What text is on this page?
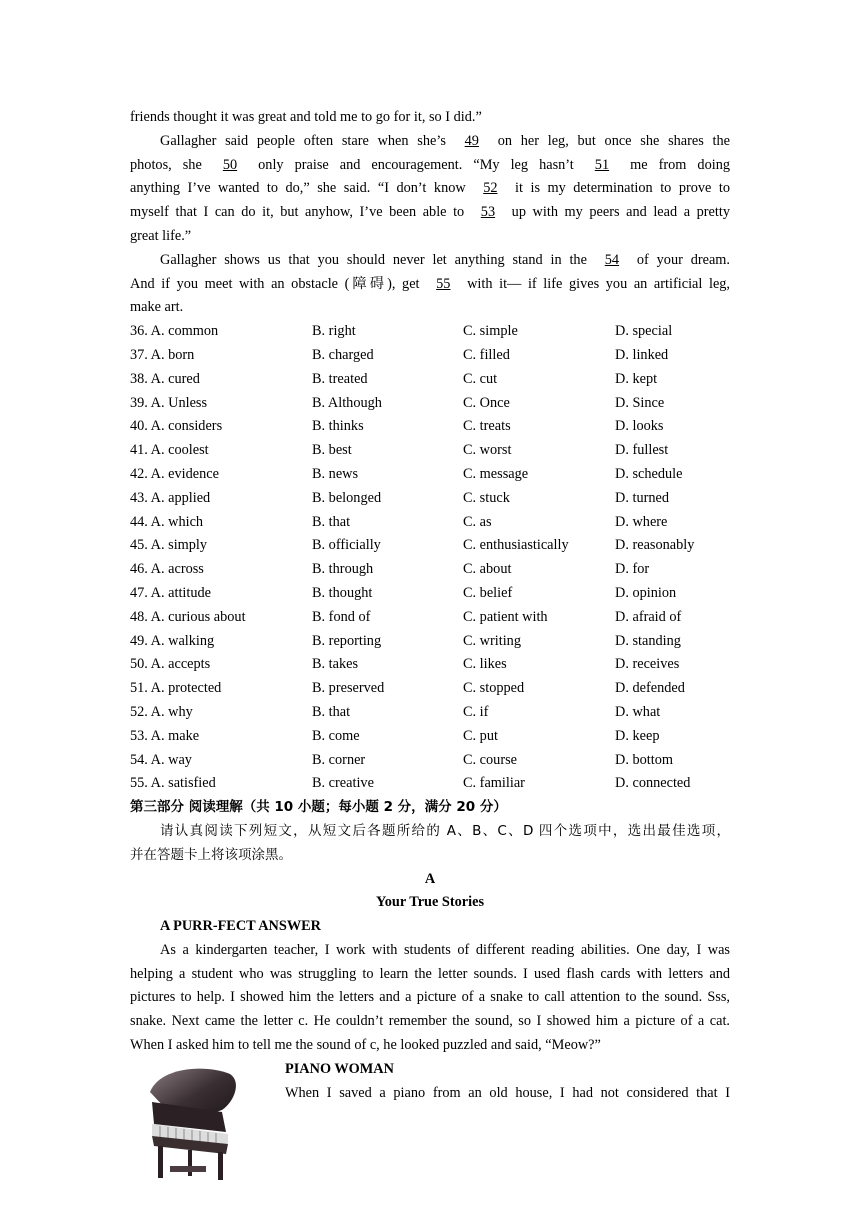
friends thought it was great and told me to go for it, so I did.”
Gallagher said people often stare when she’s 49 on her leg, but once she shares the
photos, she 50 only praise and encouragement. “My leg hasn’t 51 me from doing
anything I’ve wanted to do,” she said. “I don’t know 52 it is my determination to prove to
myself that I can do it, but anyhow, I’ve been able to 53 up with my peers and lead a pretty
great life.”
Gallagher shows us that you should never let anything stand in the 54 of your dream.
And if you meet with an obstacle (障碍), get 55 with it— if life gives you an artificial leg,
make art.
36. A. common	B. right	C. simple	D. special
37. A. born	B. charged	C. filled	D. linked
38. A. cured	B. treated	C. cut	D. kept
39. A. Unless	B. Although	C. Once	D. Since
40. A. considers	B. thinks	C. treats	D. looks
41. A. coolest	B. best	C. worst	D. fullest
42. A. evidence	B. news	C. message	D. schedule
43. A. applied	B. belonged	C. stuck	D. turned
44. A. which	B. that	C. as	D. where
45. A. simply	B. officially	C. enthusiastically	D. reasonably
46. A. across	B. through	C. about	D. for
47. A. attitude	B. thought	C. belief	D. opinion
48. A. curious about	B. fond of	C. patient with	D. afraid of
49. A. walking	B. reporting	C. writing	D. standing
50. A. accepts	B. takes	C. likes	D. receives
51. A. protected	B. preserved	C. stopped	D. defended
52. A. why	B. that	C. if	D. what
53. A. make	B. come	C. put	D. keep
54. A. way	B. corner	C. course	D. bottom
55. A. satisfied	B. creative	C. familiar	D. connected
第三部分 阅读理解（共 10 小题；每小题 2 分，满分 20 分）
请认真阅读下列短文，从短文后各题所给的 A、B、C、D 四个选项中，选出最佳选项，
并在答题卡上将该项涂黑。
A
Your True Stories
A PURR-FECT ANSWER
As a kindergarten teacher, I work with students of different reading abilities. One day, I was
helping a student who was struggling to learn the letter sounds. I used flash cards with letters and
pictures to help. I showed him the letters and a picture of a snake to call attention to the sound. Sss,
snake. Next came the letter c. He couldn’t remember the sound, so I showed him a picture of a cat.
When I asked him to tell me the sound of c, he looked puzzled and said, “Meow?”
PIANO WOMAN
When I saved a piano from an old house, I had not considered that I
